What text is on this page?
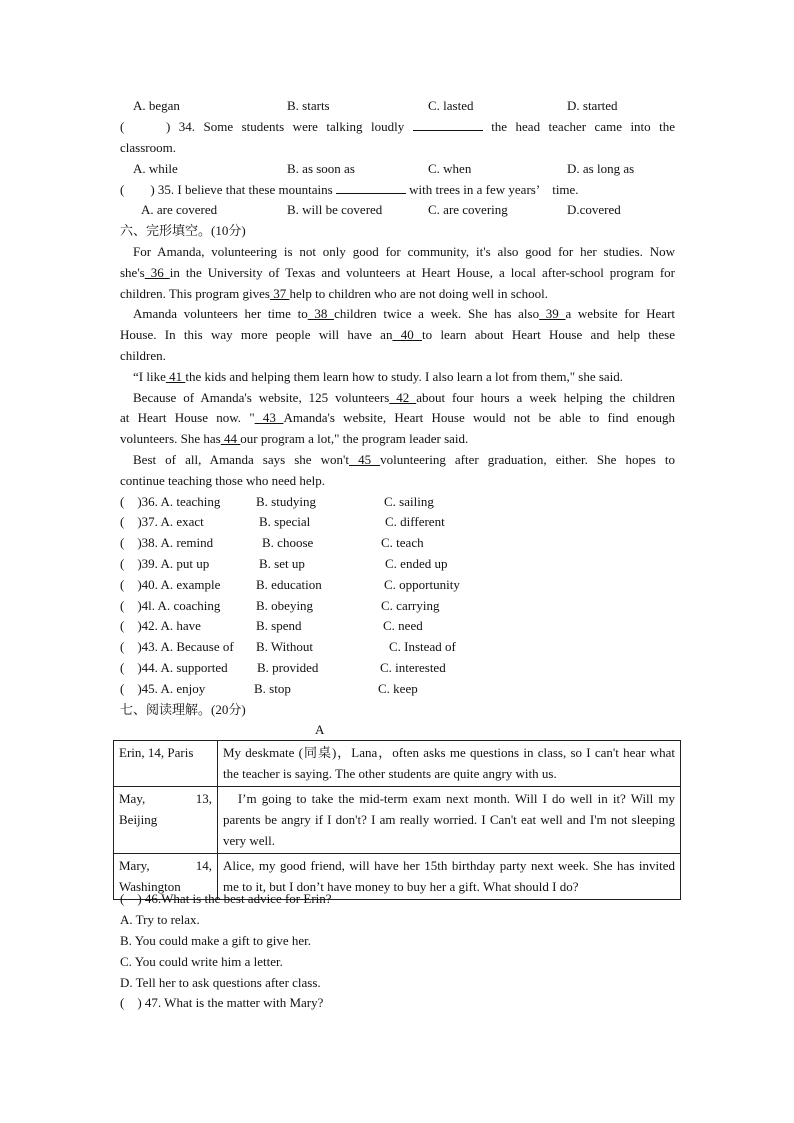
A. began	B. starts	C. lasted	D. started
(　　) 34. Some students were talking loudly	the head teacher came into the
classroom.
A. while	B. as soon as	C. when	D. as long as
(　　) 35. I believe that these mountains	with trees in a few years’　time.
A. are covered	B. will be covered	C. are covering	D.covered
六、完形填空。(10分)
For Amanda, volunteering is not only good for community, it's also good for her studies. Now
she's 36 in the University of Texas and volunteers at Heart House, a local after-school program for
children. This program gives 37 help to children who are not doing well in school.
Amanda volunteers her time to 38 children twice a week. She has also 39 a website for Heart
House. In this way more people will have an 40 to learn about Heart House and help these
children.
“I like 41 the kids and helping them learn how to study. I also learn a lot from them," she said.
Because of Amanda's website, 125 volunteers 42 about four hours a week helping the children
at Heart House now. " 43 Amanda's website, Heart House would not be able to find enough
volunteers. She has 44 our program a lot," the program leader said.
Best of all, Amanda says she won't 45 volunteering after graduation, either. She hopes to
continue teaching those who need help.
(　)36. A. teaching	B. studying	C. sailing
(　)37. A. exact	B. special	C. different
(　)38. A. remind	B. choose	C. teach
(　)39. A. put up	B. set up	C. ended up
(　)40. A. example	B. education	C. opportunity
(　)4l. A. coaching	B. obeying	C. carrying
(　)42. A. have	B. spend	C. need
(　)43. A. Because of B. Without	C. Instead of
(　)44. A. supported B. provided	C. interested
(　)45. A. enjoy	B. stop	C. keep
七、阅读理解。(20分)
A
Erin, 14, Paris	My deskmate (同桌)，Lana，often asks me questions in class, so I can't hear what the teacher is saying. The other students are quite angry with us.

May, 13,
Beijing	　I’m going to take the mid-term exam next month. Will I do well in it? Will my parents be angry if I don't? I am really worried. I Can't eat well and I'm not sleeping very well.

Mary, 14,
Washington	Alice, my good friend, will have her 15th birthday party next week. She has invited me to it, but I don’t have money to buy her a gift. What should I do?
(　) 46.What is the best advice for Erin?
A. Try to relax.
B. You could make a gift to give her.
C. You could write him a letter.
D. Tell her to ask questions after class.
(　) 47. What is the matter with Mary?
